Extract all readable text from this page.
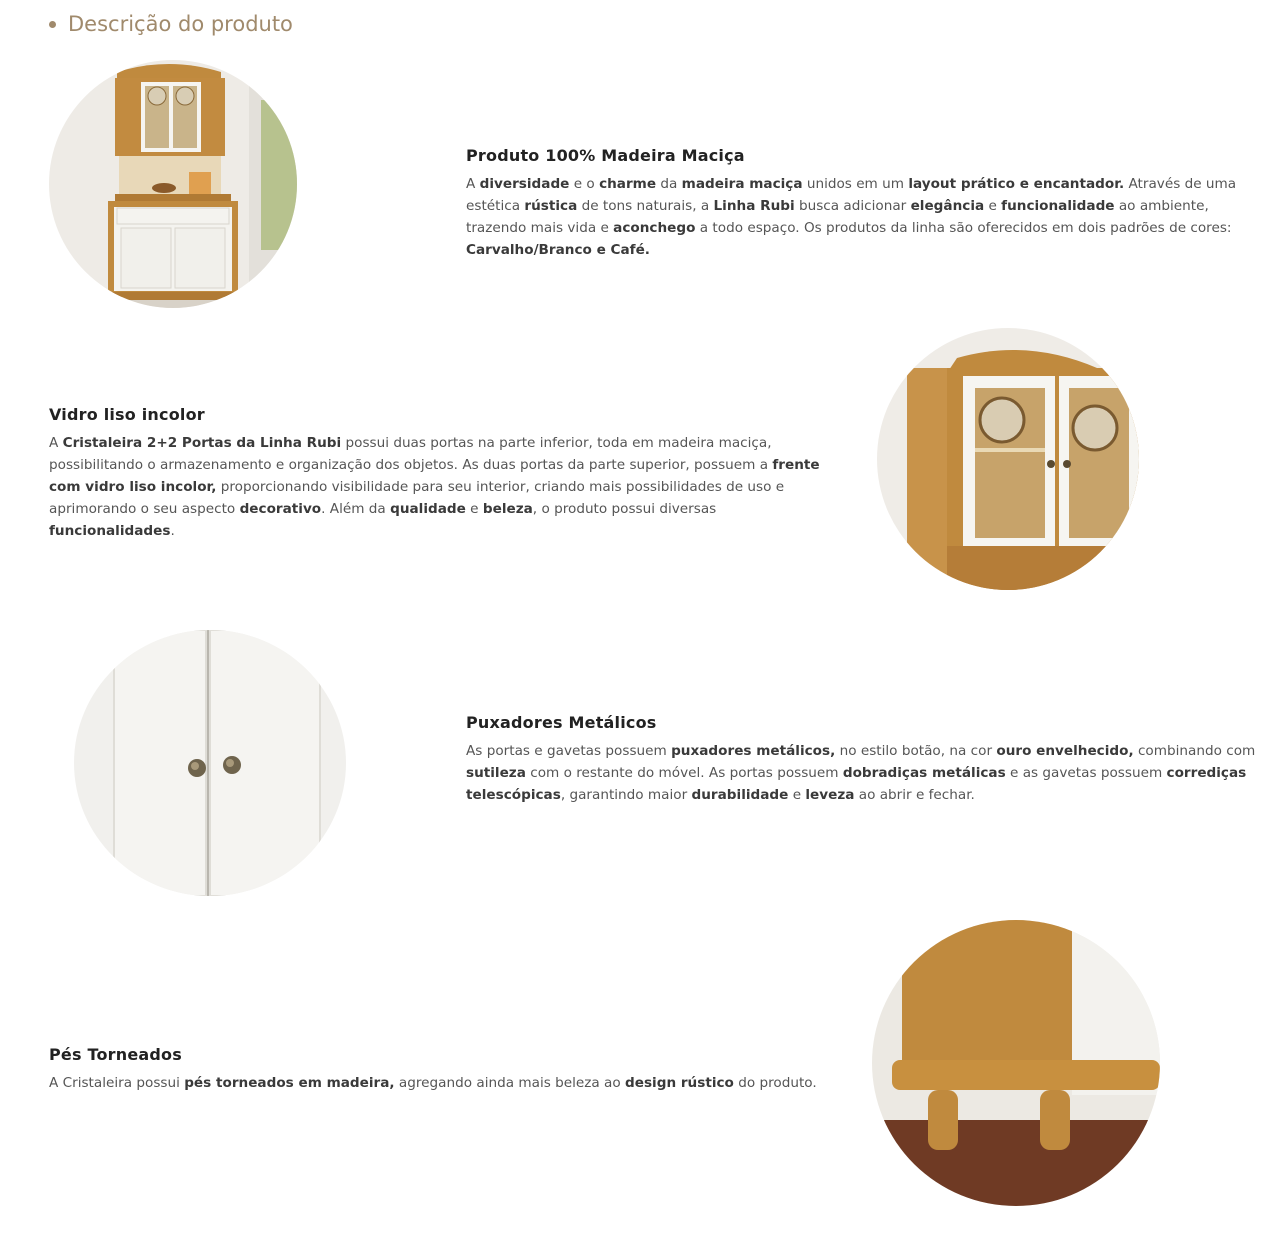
Descrição do produto
Produto 100% Madeira Maciça

A diversidade e o charme da madeira maciça unidos em um layout prático e encantador. Através de uma estética rústica de tons naturais, a Linha Rubi busca adicionar elegância e funcionalidade ao ambiente, trazendo mais vida e aconchego a todo espaço. Os produtos da linha são oferecidos em dois padrões de cores: Carvalho/Branco e Café.

Vidro liso incolor

A Cristaleira 2+2 Portas da Linha Rubi possui duas portas na parte inferior, toda em madeira maciça, possibilitando o armazenamento e organização dos objetos. As duas portas da parte superior, possuem a frente com vidro liso incolor, proporcionando visibilidade para seu interior, criando mais possibilidades de uso e aprimorando o seu aspecto decorativo. Além da qualidade e beleza, o produto possui diversas funcionalidades.

Puxadores Metálicos

As portas e gavetas possuem puxadores metálicos, no estilo botão, na cor ouro envelhecido, combinando com sutileza com o restante do móvel. As portas possuem dobradiças metálicas e as gavetas possuem corrediças telescópicas, garantindo maior durabilidade e leveza ao abrir e fechar.

Pés Torneados

A Cristaleira possui pés torneados em madeira, agregando ainda mais beleza ao design rústico do produto.
